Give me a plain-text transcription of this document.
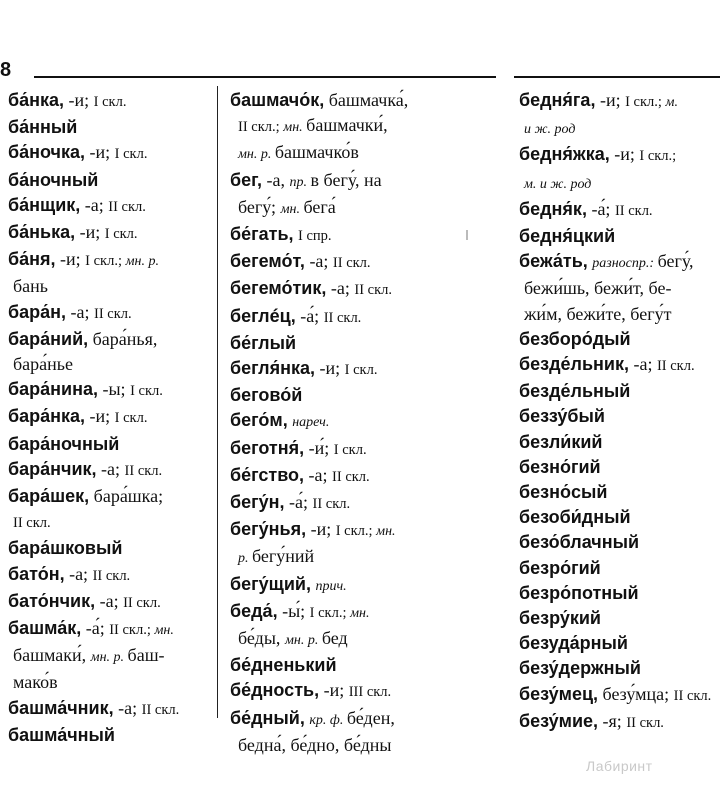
8
ба́нка, -и; I скл.
ба́нный
ба́ночка, -и; I скл.
ба́ночный
ба́нщик, -а; II скл.
ба́нька, -и; I скл.
ба́ня, -и; I скл.; мн. р.
бань
бара́н, -а; II скл.
бара́ний, бара́нья,
бара́нье
бара́нина, -ы; I скл.
бара́нка, -и; I скл.
бара́ночный
бара́нчик, -а; II скл.
бара́шек, бара́шка;
II скл.
бара́шковый
бато́н, -а; II скл.
бато́нчик, -а; II скл.
башма́к, -а́; II скл.; мн.
башмаки́, мн. р. баш-
мако́в
башма́чник, -а; II скл.
башма́чный
башмачо́к, башмачка́,
II скл.; мн. башмачки́,
мн. р. башмачко́в
бег, -а, пр. в бегу́, на
бегу́; мн. бега́
бе́гать, I спр.
бегемо́т, -а; II скл.
бегемо́тик, -а; II скл.
беглéц, -а́; II скл.
бе́глый
бегля́нка, -и; I скл.
бегово́й
бего́м, нареч.
беготня́, -и́; I скл.
бе́гство, -а; II скл.
бегу́н, -а́; II скл.
бегу́нья, -и; I скл.; мн.
р. бегу́ний
бегу́щий, прич.
беда́, -ы́; I скл.; мн.
бе́ды, мн. р. бед
бе́дненький
бе́дность, -и; III скл.
бе́дный, кр. ф. бе́ден,
бедна́, бе́дно, бе́дны
бедня́га, -и; I скл.; м.
и ж. род
бедня́жка, -и; I скл.;
м. и ж. род
бедня́к, -а́; II скл.
бедня́цкий
бежа́ть, разноспр.: бегу́,
бежи́шь, бежи́т, бе-
жи́м, бежи́те, бегу́т
безборо́дый
безде́льник, -а; II скл.
безде́льный
беззу́бый
безли́кий
безно́гий
безно́сый
безоби́дный
безо́блачный
безро́гий
безро́потный
безру́кий
безуда́рный
безу́держный
безу́мец, безу́мца; II скл.
безу́мие, -я; II скл.
Лабиринт
